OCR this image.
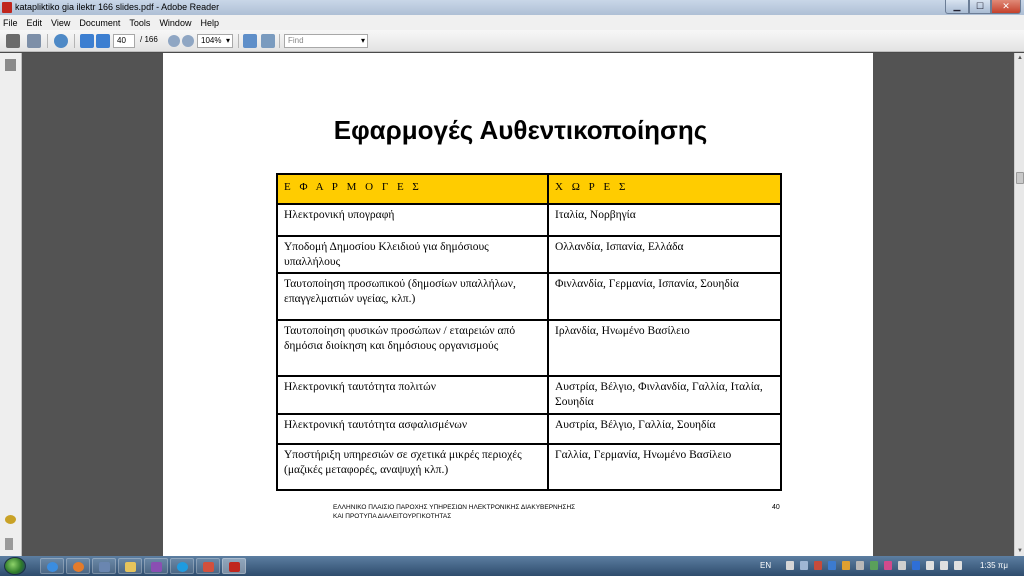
katapliktiko gia ilektr 166 slides.pdf - Adobe Reader	▁	☐	✕
File Edit View Document Tools Window Help
40	/ 166	104% ▾	Find	▾
Εφαρμογές Αυθεντικοποίησης
Ε Φ Α Ρ Μ Ο Γ Ε Σ	Χ Ω Ρ Ε Σ
Ηλεκτρονική υπογραφή	Ιταλία, Νορβηγία
Υποδομή Δημοσίου Κλειδιού για δημόσιους υπαλλήλους	Ολλανδία, Ισπανία, Ελλάδα
Ταυτοποίηση προσωπικού (δημοσίων υπαλλήλων, επαγγελματιών υγείας, κλπ.)	Φινλανδία, Γερμανία, Ισπανία, Σουηδία
Ταυτοποίηση φυσικών προσώπων / εταιρειών από δημόσια διοίκηση και δημόσιους οργανισμούς	Ιρλανδία, Ηνωμένο Βασίλειο
Ηλεκτρονική ταυτότητα πολιτών	Αυστρία, Βέλγιο, Φινλανδία, Γαλλία, Ιταλία, Σουηδία
Ηλεκτρονική ταυτότητα ασφαλισμένων	Αυστρία, Βέλγιο, Γαλλία, Σουηδία
Υποστήριξη υπηρεσιών σε σχετικά μικρές περιοχές (μαζικές μεταφορές, αναψυχή κλπ.)	Γαλλία, Γερμανία, Ηνωμένο Βασίλειο
ΕΛΛΗΝΙΚΟ ΠΛΑΙΣΙΟ ΠΑΡΟΧΗΣ ΥΠΗΡΕΣΙΩΝ ΗΛΕΚΤΡΟΝΙΚΗΣ ΔΙΑΚΥΒΕΡΝΗΣΗΣ
ΚΑΙ ΠΡΟΤΥΠΑ ΔΙΑΛΕΙΤΟΥΡΓΙΚΟΤΗΤΑΣ
40
▲
▼
EN	1:35 πμ
